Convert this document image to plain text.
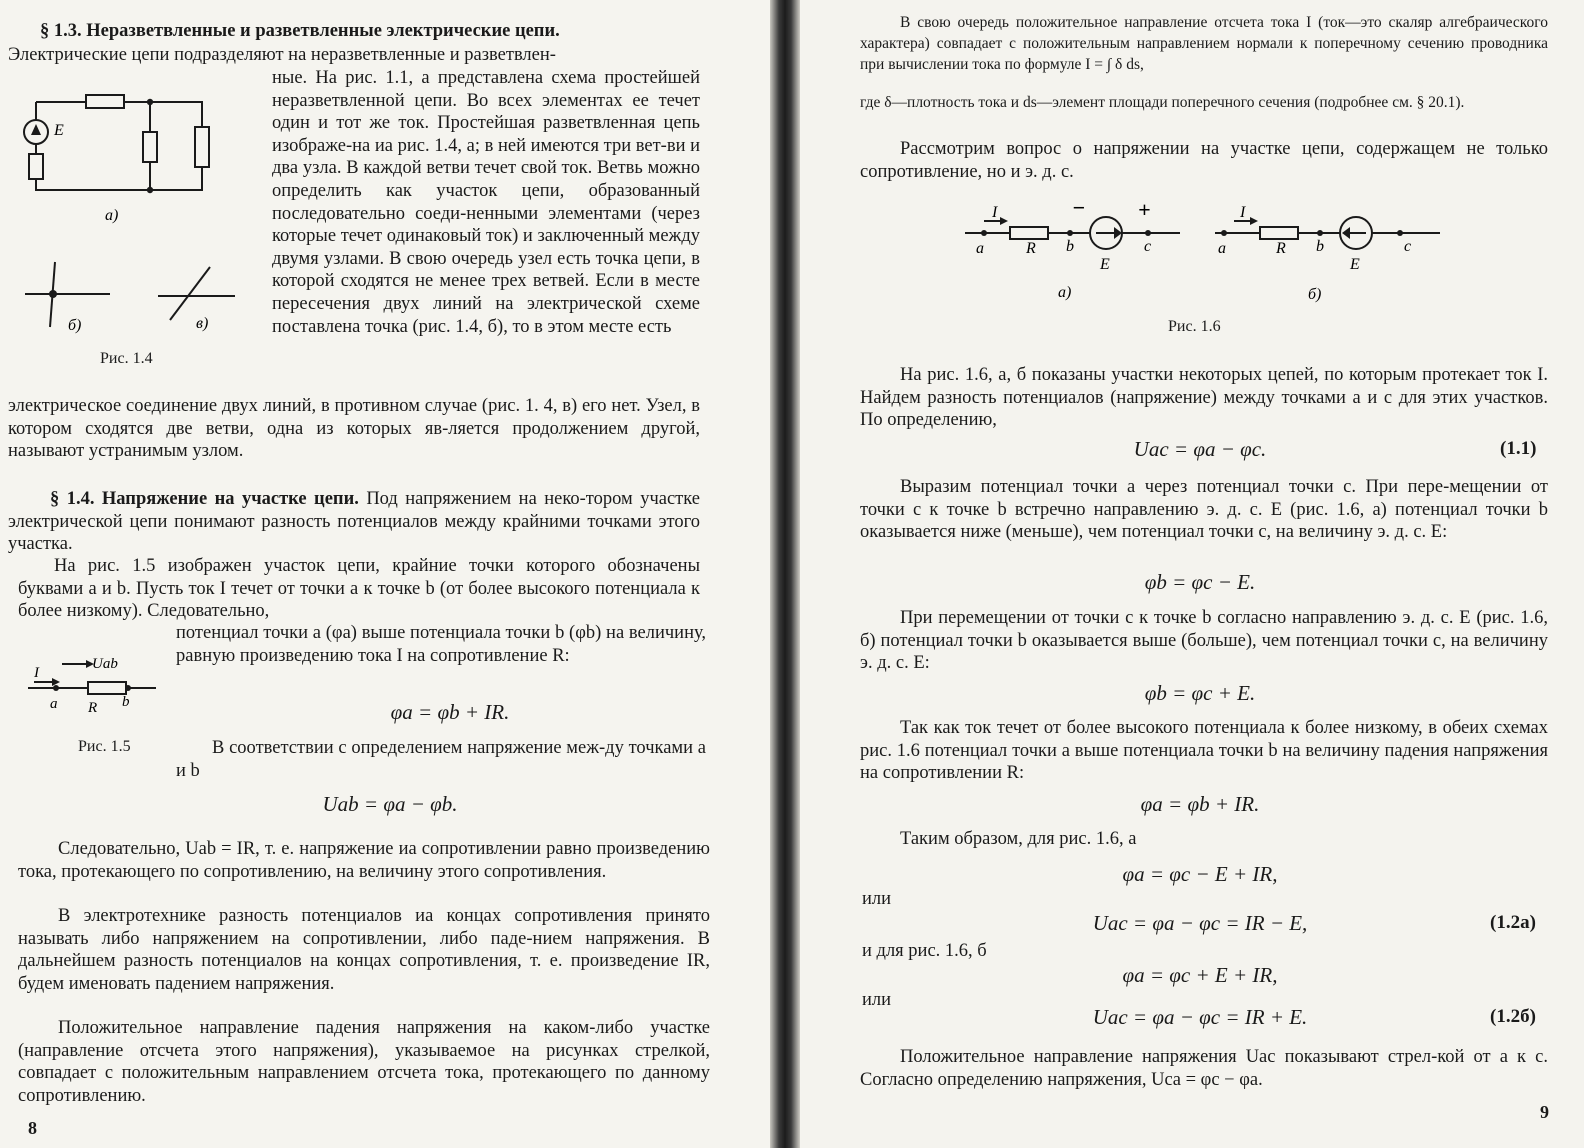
§ 1.3. Неразветвленные и разветвленные электрические цепи.

Электрические цепи подразделяют на неразветвленные и разветвлен-

E
а)
б)	в)
Рис. 1.4

ные. На рис. 1.1, а представлена схема простейшей неразветвленной цепи. Во всех элементах ее течет один и тот же ток. Простейшая разветвленная цепь изображе-на иа рис. 1.4, а; в ней имеются три вет-ви и два узла. В каждой ветви течет свой ток. Ветвь можно определить как участок цепи, образованный последовательно соеди-ненными элементами (через которые течет одинаковый ток) и заключенный между двумя узлами. В свою очередь узел есть точка цепи, в которой сходятся не менее трех ветвей. Если в месте пересечения двух линий на электрической схеме поставлена точка (рис. 1.4, б), то в этом месте есть

электрическое соединение двух линий, в противном случае (рис. 1. 4, в) его нет. Узел, в котором сходятся две ветви, одна из которых яв-ляется продолжением другой, называют устранимым узлом.

§ 1.4. Напряжение на участке цепи. Под напряжением на неко-тором участке электрической цепи понимают разность потенциалов между крайними точками этого участка.

На рис. 1.5 изображен участок цепи, крайние точки которого обозначены буквами а и b. Пусть ток I течет от точки а к точке b (от более высокого потенциала к более низкому). Следовательно,

Uab
I
a R b
Рис. 1.5

потенциал точки а (φa) выше потенциала точки b (φb) на величину, равную произведению тока I на сопротивление R:

φa = φb + IR.

В соответствии с определением напряжение меж-ду точками а и b

Uab = φa − φb.

Следовательно, Uab = IR, т. е. напряжение иа сопротивлении равно произведению тока, протекающего по сопротивлению, на величину этого сопротивления.

В электротехнике разность потенциалов иа концах сопротивления принято называть либо напряжением на сопротивлении, либо паде-нием напряжения. В дальнейшем разность потенциалов на концах сопротивления, т. е. произведение IR, будем именовать падением напряжения.

Положительное направление падения напряжения на каком-либо участке (направление отсчета этого напряжения), указываемое на рисунках стрелкой, совпадает с положительным направлением отсчета тока, протекающего по данному сопротивлению.

8

В свою очередь положительное направление отсчета тока I (ток—это скаляр алгебраического характера) совпадает с положительным направлением нормали к поперечному сечению проводника при вычислении тока по формуле I = ∫ δ ds,

где δ—плотность тока и ds—элемент площади поперечного сечения (подробнее см. § 20.1).

Рассмотрим вопрос о напряжении на участке цепи, содержащем не только сопротивление, но и э. д. с.

I
a	R b
E
c
− +	I
a	R b
E
c
а)	б)
Рис. 1.6

На рис. 1.6, а, б показаны участки некоторых цепей, по которым протекает ток I. Найдем разность потенциалов (напряжение) между точками а и с для этих участков. По определению,

Uac = φa − φc.	(1.1)

Выразим потенциал точки а через потенциал точки с. При пере-мещении от точки с к точке b встречно направлению э. д. с. E (рис. 1.6, а) потенциал точки b оказывается ниже (меньше), чем потенциал точки с, на величину э. д. с. E:

φb = φc − E.

При перемещении от точки с к точке b согласно направлению э. д. с. E (рис. 1.6, б) потенциал точки b оказывается выше (больше), чем потенциал точки с, на величину э. д. с. E:

φb = φc + E.

Так как ток течет от более высокого потенциала к более низкому, в обеих схемах рис. 1.6 потенциал точки а выше потенциала точки b на величину падения напряжения на сопротивлении R:

φa = φb + IR.

Таким образом, для рис. 1.6, а

φa = φc − E + IR,
или
Uac = φa − φc = IR − E,	(1.2а)

и для рис. 1.6, б

φa = φc + E + IR,
или
Uac = φa − φc = IR + E.	(1.2б)

Положительное направление напряжения Uac показывают стрел-кой от а к с. Согласно определению напряжения, Uca = φc − φa.

9
